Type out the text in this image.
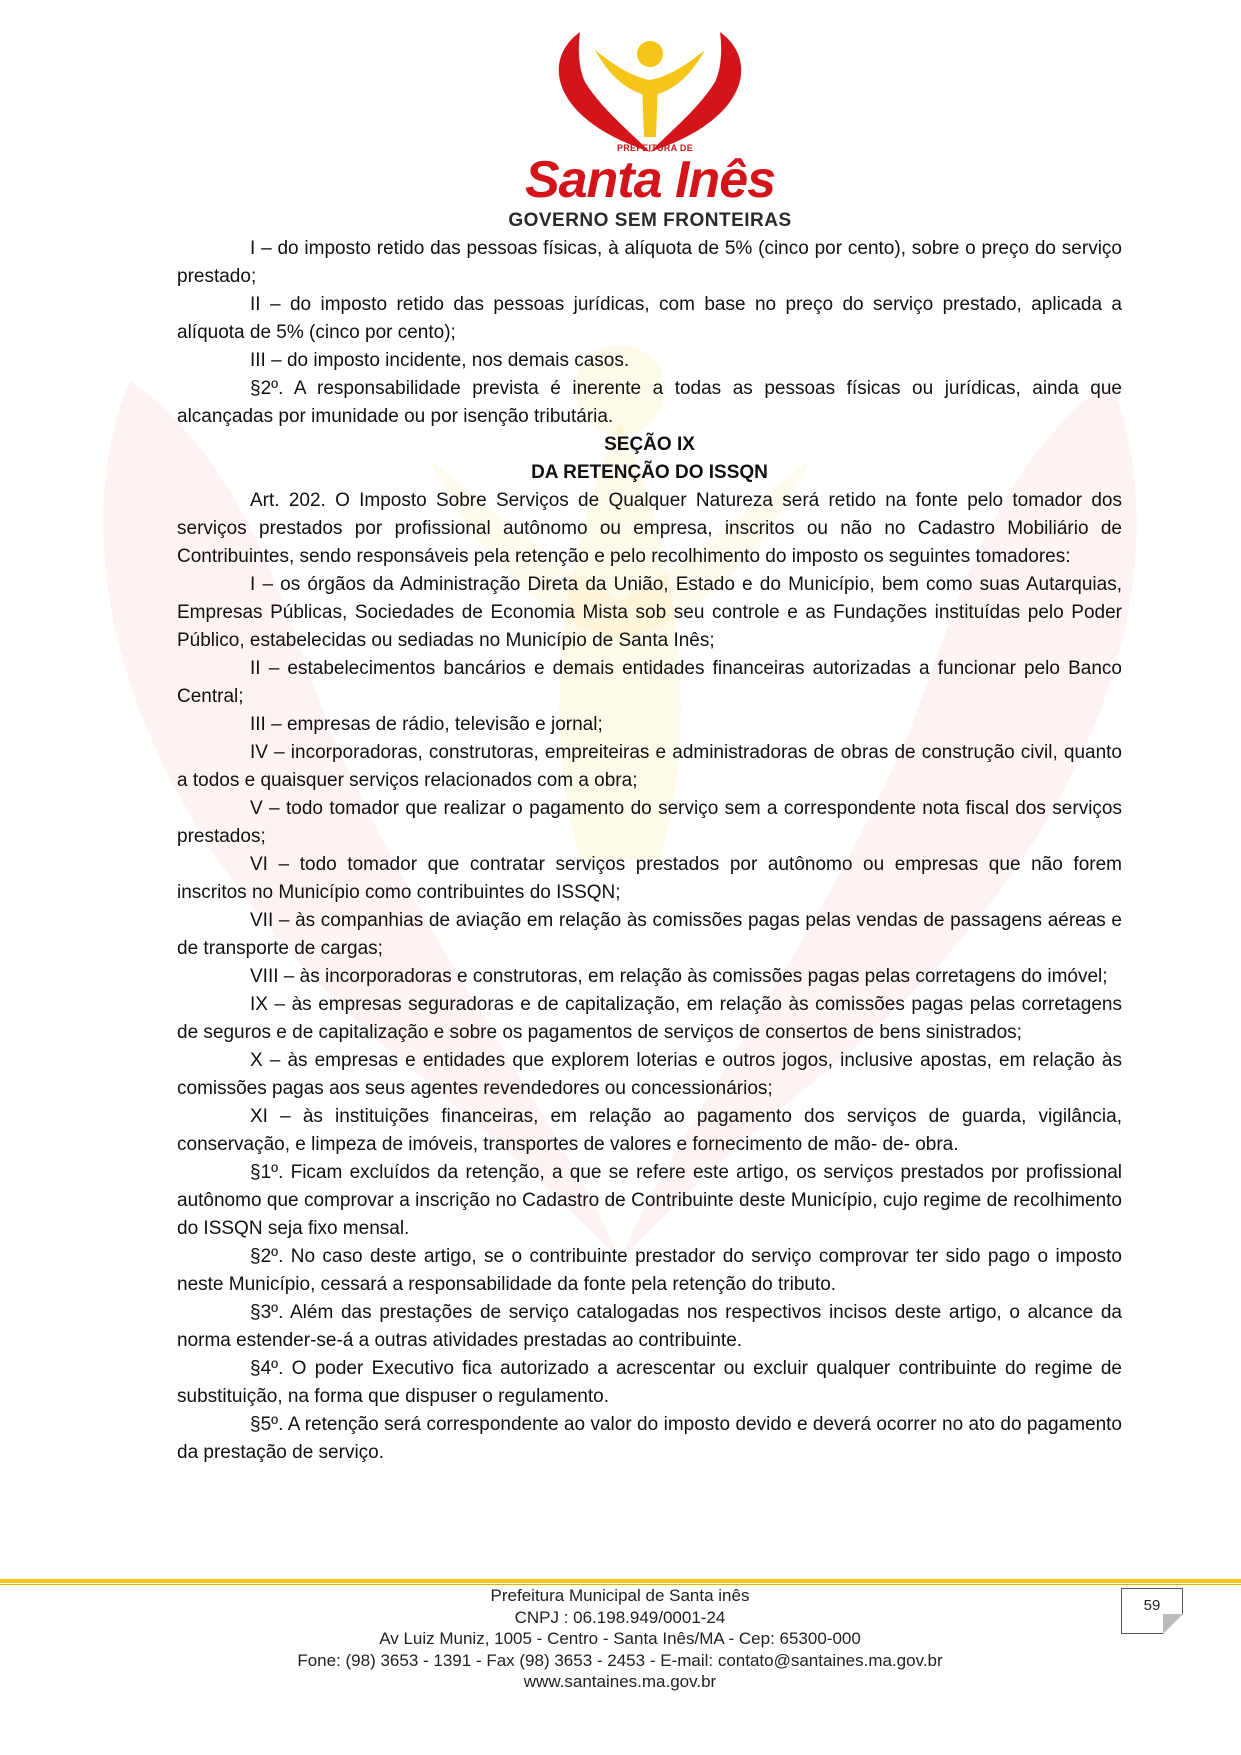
PREFEITURA DE
Santa Inês
GOVERNO SEM FRONTEIRAS

I – do imposto retido das pessoas físicas, à alíquota de 5% (cinco por cento), sobre o preço do serviço prestado;

II – do imposto retido das pessoas jurídicas, com base no preço do serviço prestado, aplicada a alíquota de 5% (cinco por cento);

III – do imposto incidente, nos demais casos.

§2º. A responsabilidade prevista é inerente a todas as pessoas físicas ou jurídicas, ainda que alcançadas por imunidade ou por isenção tributária.

SEÇÃO IX

DA RETENÇÃO DO ISSQN

Art. 202. O Imposto Sobre Serviços de Qualquer Natureza será retido na fonte pelo tomador dos serviços prestados por profissional autônomo ou empresa, inscritos ou não no Cadastro Mobiliário de Contribuintes, sendo responsáveis pela retenção e pelo recolhimento do imposto os seguintes tomadores:

I – os órgãos da Administração Direta da União, Estado e do Município, bem como suas Autarquias, Empresas Públicas, Sociedades de Economia Mista sob seu controle e as Fundações instituídas pelo Poder Público, estabelecidas ou sediadas no Município de Santa Inês;

II – estabelecimentos bancários e demais entidades financeiras autorizadas a funcionar pelo Banco Central;

III – empresas de rádio, televisão e jornal;

IV – incorporadoras, construtoras, empreiteiras e administradoras de obras de construção civil, quanto a todos e quaisquer serviços relacionados com a obra;

V – todo tomador que realizar o pagamento do serviço sem a correspondente nota fiscal dos serviços prestados;

VI – todo tomador que contratar serviços prestados por autônomo ou empresas que não forem inscritos no Município como contribuintes do ISSQN;

VII – às companhias de aviação em relação às comissões pagas pelas vendas de passagens aéreas e de transporte de cargas;

VIII – às incorporadoras e construtoras, em relação às comissões pagas pelas corretagens do imóvel;

IX – às empresas seguradoras e de capitalização, em relação às comissões pagas pelas corretagens de seguros e de capitalização e sobre os pagamentos de serviços de consertos de bens sinistrados;

X – às empresas e entidades que explorem loterias e outros jogos, inclusive apostas, em relação às comissões pagas aos seus agentes revendedores ou concessionários;

XI – às instituições financeiras, em relação ao pagamento dos serviços de guarda, vigilância, conservação, e limpeza de imóveis, transportes de valores e fornecimento de mão- de- obra.

§1º. Ficam excluídos da retenção, a que se refere este artigo, os serviços prestados por profissional autônomo que comprovar a inscrição no Cadastro de Contribuinte deste Município, cujo regime de recolhimento do ISSQN seja fixo mensal.

§2º. No caso deste artigo, se o contribuinte prestador do serviço comprovar ter sido pago o imposto neste Município, cessará a responsabilidade da fonte pela retenção do tributo.

§3º. Além das prestações de serviço catalogadas nos respectivos incisos deste artigo, o alcance da norma estender-se-á a outras atividades prestadas ao contribuinte.

§4º. O poder Executivo fica autorizado a acrescentar ou excluir qualquer contribuinte do regime de substituição, na forma que dispuser o regulamento.

§5º. A retenção será correspondente ao valor do imposto devido e deverá ocorrer no ato do pagamento da prestação de serviço.

Prefeitura Municipal de Santa inês
CNPJ : 06.198.949/0001-24
Av Luiz Muniz, 1005 - Centro - Santa Inês/MA - Cep: 65300-000
Fone: (98) 3653 - 1391 - Fax (98) 3653 - 2453 - E-mail: contato@santaines.ma.gov.br
www.santaines.ma.gov.br
59
